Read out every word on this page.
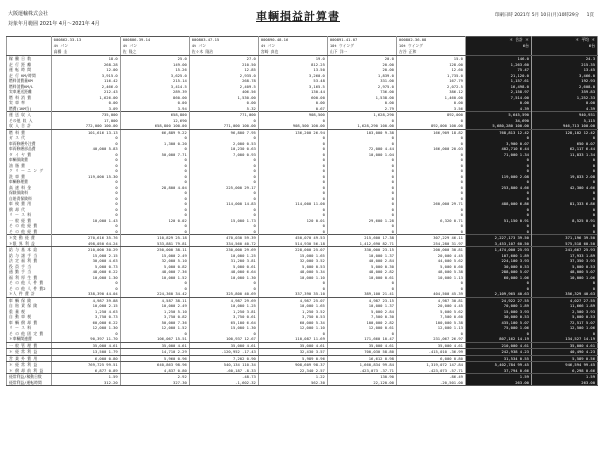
大阪運輸株式会社
対象年月範囲 2021年 4月～2021年 4月
車輌損益計算書	印刷日時 2021年 5月 10日(月)10時29分 1頁

	000862-33-13	000806-39-14	000803-47-15	000890-48-16	000891-41-07	000802-36-08	＊ 合計 ＊	＊ 平均 ＊
	4t パン	4t パン	4t パン	4t パン	10t ウイング	10t ウイング	6台	6台
	高橋 圭	佐 隆之	佐々木 隆治	宮崎 真也	山下 洋一	吉谷 正和		
稼 働 日 数	18.0	25.0	27.0	19.0	20.0	15.0	146.0	24.3
走 行 距 離	268.28	149.00	210.50	812.25	20.00	128.00	1,263.60	215.35
運 転 時 間	12.00	15.26	12.85	13.50	20.00	12.60	75.47	13.45
走 行 KM/時間	3,915.0	3,625.0	2,935.0	3,260.0	1,839.0	1,735.0	21,120.0	3,466.0
燃料消費量KM	116.42	215.14	268.78	53.48	331.00	167.79	1,157.61	192.93
燃料消費KM/L	2,466.0	3,414.5	2,409.5	3,165.5	2,975.0	2,072.5	16,498.0	2,608.0
実車運送距離	212.43	289.39	406.56	130.44	736.00	386.12	2,158.97	359.83
燃 料 消 費	1,626.00	860.00	1,530.00	600.00	1,538.00	1,460.00	7,514.00	1,252.33
実 車 率	0.00	0.00	0.00	0.00	0.00	0.00	0.00	0.00
燃費(1KM当)	3.09	3.94	5.32	0.67	2.79	3.56	4.39	4.39
運 送 収 入	735,000	658,800	771,000	908,500	1,628,290	892,000	5,645,590	940,931
その他 収 入	17,000	12,690	0	0	0	0	34,690	5,115
収 入 合 計	772,000 100.00	658,800 100.00	771,000 100.00	908,500 100.00	1,628,290 100.00	892,000 100.00	5,680,280 100.00	946,713 100.00
燃 料 費	101,616 13.13	66,889 9.22	96,800 7.95	136,200 26.94	103,000 9.38	166,909 18.82	768,813 12.42	128,102 12.42
ガ ス 代	0	0	0	0	0	0	0	0
車両修繕外注費	0	1,300 0.20	2,000 0.53	0	0	0	3,900 0.07	650 0.07
車両修繕部品費	40,000 5.83	0	10,230 0.63	0	72,000 4.44	166,000 20.03	402,710 6.44	62,117 6.44
タ イ ヤ 費	0	50,000 7.71	7,000 0.93	0	10,000 1.04	0	71,000 1.34	11,833 1.34
車輌保険費	0	0	0	0	0	0	0	0
油 脂 費	0	0	0	0	0	0	0	0
ク リ ー ニ ン グ	0	0	0	0	0	0	0	0
洗 車 費	119,000 15.30	0	0	0	0	0	119,000 2.08	19,833 2.08
車輌修理費	0	0	0	0	0	0	0	0
高 速 料 金	0	28,800 4.04	225,000 29.17	0	0	0	253,800 4.66	42,300 4.66
保険保険料	0	0	0	0	0	0	0	0
自賠責保険料	0	0	0	0	0	0	0	0
車 検 費 用	0	0	114,000 14.83	114,000 11.00	0	260,000 29.71	488,000 6.86	81,333 6.86
償 却 代	0	0	0	0	0	0	0	0
リ ー ス 料	0	0	0	0	0	0	0	0
一 般 経 費	10,000 1.43	120 0.02	15,000 1.73	120 0.01	29,600 1.28	6,320 0.71	51,150 0.91	8,525 0.91
そ の 他 経 費	0	0	0	0	0	0	0	0
そ の 他 経 費	0	0	0	0	0	0	0	0
＊変 動 経 費	270,616 35.76	110,829 25.18	470,030 59.39	450,070 49.53	215,600 17.38	307,229 46.11	2,227,173 39.50	371,196 39.50
＊限 界 利 益	498,050 64.24	533,881 79.81	334,560 40.72	514,930 56.18	1,412,690 82.71	254,280 31.97	3,453,107 60.50	575,518 60.50
給 与 基 本 給	210,000 30.29	250,000 38.11	230,000 29.69	228,000 25.07	330,000 23.15	200,000 30.81	1,474,000 25.93	241,667 25.93
給 与 諸 手 当	15,000 2.15	15,000 2.49	10,000 1.25	15,000 1.65	10,000 1.37	20,000 4.45	107,600 1.89	17,933 1.89
法 定 福 利 費	30,000 4.63	32,000 5.10	31,200 3.81	32,000 3.52	40,000 2.84	44,000 5.62	224,100 3.93	37,350 3.93
役 員 手 当	5,000 0.73	5,000 0.82	5,000 0.61	5,000 0.53	5,000 0.30	5,000 0.60	30,000 0.53	5,000 0.53
通 勤 手 当	48,000 6.22	48,000 7.36	48,000 6.64	48,000 5.34	48,000 2.82	48,000 5.38	288,000 5.07	48,000 5.07
福 利 厚 生 費	10,000 1.30	10,000 1.52	10,000 1.30	10,000 1.10	10,000 0.61	10,000 1.13	60,000 1.06	10,000 1.06
そ の 他 人 件 費	0	0	0	0	0	0	0	0
そ の 他 人 件 費2	0	0	0	0	0	0	0	0
＊人 件 費 計	338,390 44.04	224,360 34.42	325,800 40.69	337,390 35.10	389,100 21.41	404,500 45.39	2,109,965 40.63	356,329 40.63
車 輌 保 険	4,987 39.88	4,587 38.11	4,987 29.69	4,987 25.07	4,987 23.15	4,987 30.81	24,922 27.55	4,027 27.55
自 賠 責 保 険	10,000 2.15	10,000 2.49	10,000 1.25	10,000 1.65	10,000 1.37	20,000 4.45	70,000 1.89	11,666 1.89
重 量 税	1,250 4.63	1,250 5.10	1,250 3.81	1,250 3.52	5,000 2.84	5,000 5.62	15,000 3.93	2,500 3.93
自 動 車 税	3,750 0.73	3,750 0.82	3,750 0.61	3,750 0.53	7,500 0.30	7,500 0.60	30,000 0.53	5,000 0.53
車 輌 償 却 費	60,000 6.22	50,000 7.36	65,100 6.64	60,000 5.34	100,000 2.82	100,000 5.38	435,100 5.07	72,517 5.07
リ ー ス 料	12,000 1.30	12,000 1.52	15,000 1.30	12,000 1.10	12,000 0.61	12,000 1.13	75,000 1.06	12,500 1.06
そ の 他 固 定 費	0	0	0	0	0	0	0	0
＊車輌関連費	90,397 11.70	106,067 15.51	100,937 12.67	110,087 11.69	171,660 10.47	231,067 26.97	807,162 14.19	134,527 14.19
一 般 管 理 費	35,000 4.61	35,000 4.61	35,000 4.61	35,000 4.61	35,000 4.61	35,000 4.61	210,000 4.61	35,000 4.61
＊ 経 常 利 益	13,500 1.79	14,710 2.29	-120,952 -17.43	32,430 3.57	700,030 58.80	-415,010 -36.99	242,938 4.23	40,490 4.23
営 業 外 費 用	6,000 0.80	5,960 0.96	7,202 0.90	5,989 0.96	16,612 0.98	6,000 0.80	31,534 0.55	5,589 0.56
＊ 経 常 利 益	769,725 99.51	640,863 98.96	540,134 110.34	908,609 98.37	1,660,834 99.84	1,319,072 147.84	5,402,784 99.45	946,594 99.45
＊ 償 却 前 利 益	6,877 0.89	4,837 0.80	-60,187 -8.33	22,340 2.57	-423,073 -37.71	-423,073 -57.71	37,794 0.66	6,298 0.66
経常利益/稼動日数	1.59	2.92	-48.73	1.22	130.90	-86.49	1.59	1.59
経常利益/運転時間	312.20	327.30	-1,602.32	562.30	22,120.00	-20,501.00	263.00	263.00
